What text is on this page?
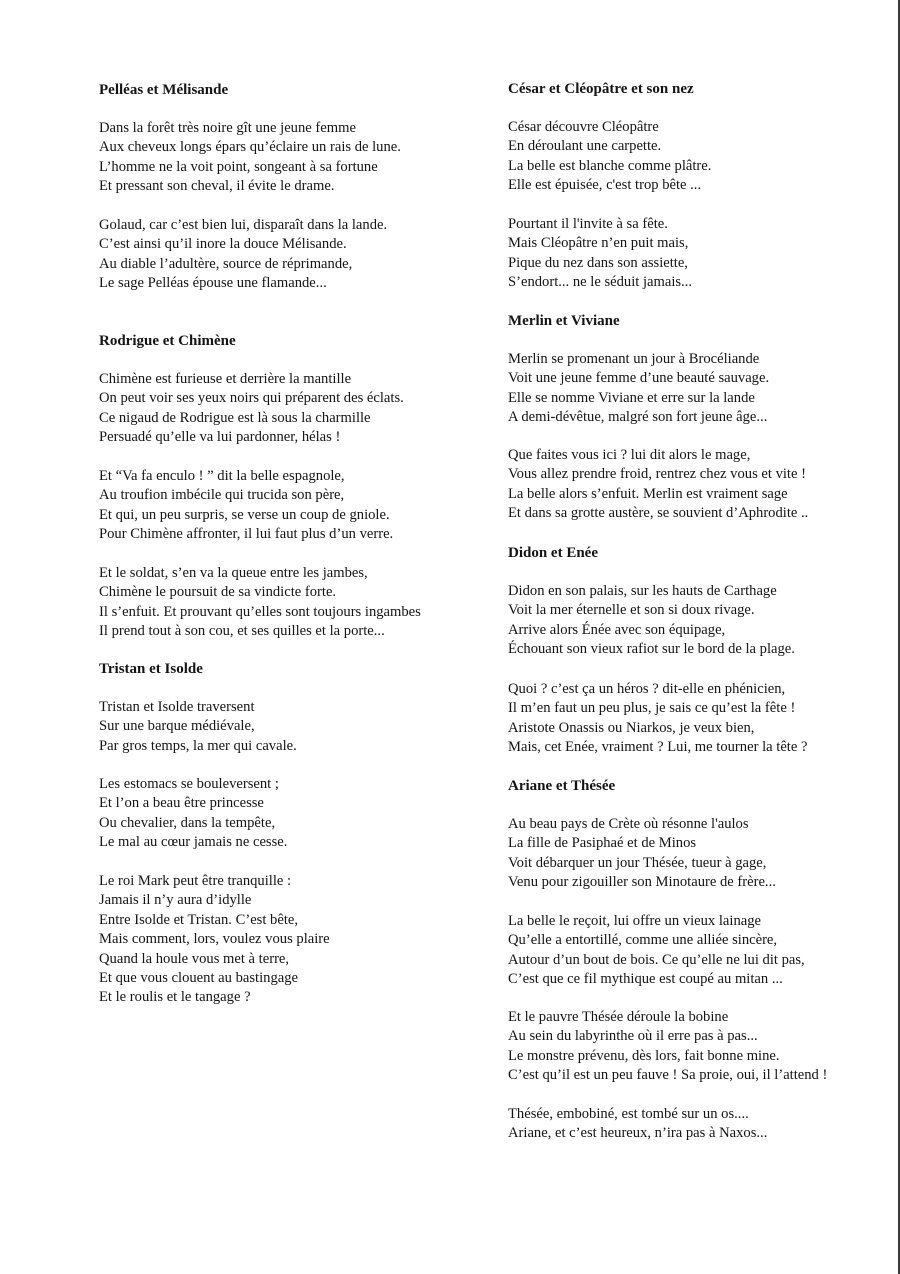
Pelléas et Mélisande
Dans la forêt très noire gît une jeune femme
Aux cheveux longs épars qu’éclaire un rais de lune.
L’homme ne la voit point, songeant à sa fortune
Et pressant son cheval, il évite le drame.
Golaud, car c’est bien lui, disparaît dans la lande.
C’est ainsi qu’il inore la douce Mélisande.
Au diable l’adultère, source de réprimande,
Le sage Pelléas épouse une flamande...
Rodrigue et Chimène
Chimène est furieuse et derrière la mantille
On peut voir ses yeux noirs qui préparent des éclats.
Ce nigaud de Rodrigue est là sous la charmille
Persuadé qu’elle va lui pardonner, hélas !
Et “Va fa enculo ! ” dit la belle espagnole,
Au troufion imbécile qui trucida son père,
Et qui, un peu surpris, se verse un coup de gniole.
Pour Chimène affronter, il lui faut plus d’un verre.
Et le soldat, s’en va la queue entre les jambes,
Chimène le poursuit de sa vindicte forte.
Il s’enfuit. Et prouvant qu’elles sont toujours ingambes
Il prend tout à son cou, et ses quilles et la porte...
Tristan et Isolde
Tristan et Isolde traversent
Sur une barque médiévale,
Par gros temps, la mer qui cavale.
Les estomacs se bouleversent ;
Et l’on a beau être princesse
Ou chevalier, dans la tempête,
Le mal au cœur jamais ne cesse.
Le roi Mark peut être tranquille :
Jamais il n’y aura d’idylle
Entre Isolde et Tristan. C’est bête,
Mais comment, lors, voulez vous plaire
Quand la houle vous met à terre,
Et que vous clouent au bastingage
Et le roulis et le tangage ?
César et Cléopâtre et son nez
César découvre Cléopâtre
En déroulant une carpette.
La belle est blanche comme plâtre.
Elle est épuisée, c'est trop bête ...
Pourtant il l'invite à sa fête.
Mais Cléopâtre n’en puit mais,
Pique du nez dans son assiette,
S’endort... ne le séduit jamais...
Merlin et Viviane
Merlin se promenant un jour à Brocéliande
Voit une jeune femme d’une beauté sauvage.
Elle se nomme Viviane et erre sur la lande
A demi-dévêtue, malgré son fort jeune âge...
Que faites vous ici ? lui dit alors le mage,
Vous allez prendre froid, rentrez chez vous et vite !
La belle alors s’enfuit. Merlin est vraiment sage
Et dans sa grotte austère, se souvient d’Aphrodite ..
Didon et Enée
Didon en son palais, sur les hauts de Carthage
Voit la mer éternelle et son si doux rivage.
Arrive alors Énée avec son équipage,
Échouant son vieux rafiot sur le bord de la plage.
Quoi ? c’est ça un héros ? dit-elle en phénicien,
Il m’en faut un peu plus, je sais ce qu’est la fête !
Aristote Onassis ou Niarkos, je veux bien,
Mais, cet Enée, vraiment ? Lui, me tourner la tête ?
Ariane et Thésée
Au beau pays de Crète où résonne l'aulos
La fille de Pasiphaé et de Minos
Voit débarquer un jour Thésée, tueur à gage,
Venu pour zigouiller son Minotaure de frère...
La belle le reçoit, lui offre un vieux lainage
Qu’elle a entortillé, comme une alliée sincère,
Autour d’un bout de bois. Ce qu’elle ne lui dit pas,
C’est que ce fil mythique est coupé au mitan ...
Et le pauvre Thésée déroule la bobine
Au sein du labyrinthe où il erre pas à pas...
Le monstre prévenu, dès lors, fait bonne mine.
C’est qu’il est un peu fauve ! Sa proie, oui, il l’attend !
Thésée, embobiné, est tombé sur un os....
Ariane, et c’est heureux, n’ira pas à Naxos...
